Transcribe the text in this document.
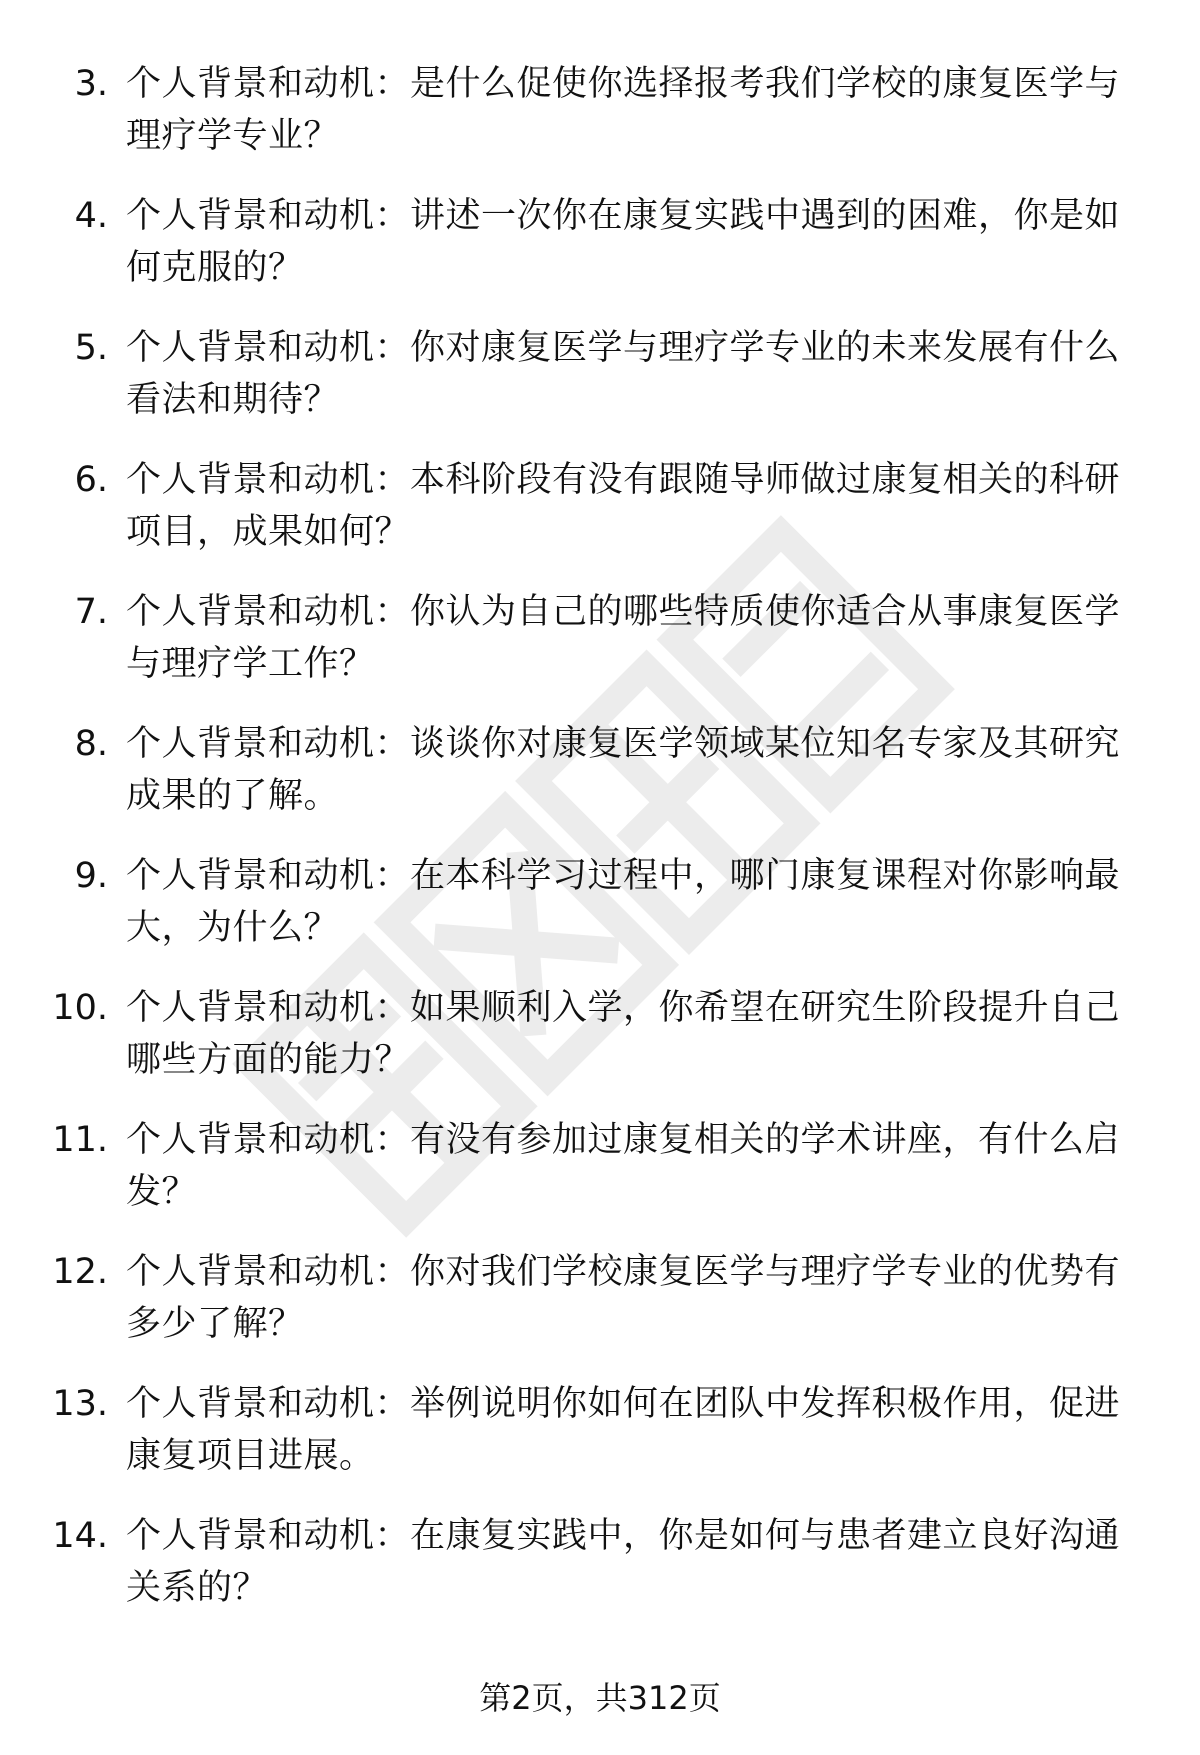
3. 个人背景和动机：是什么促使你选择报考我们学校的康复医学与理疗学专业？
4. 个人背景和动机：讲述一次你在康复实践中遇到的困难，你是如何克服的？
5. 个人背景和动机：你对康复医学与理疗学专业的未来发展有什么看法和期待？
6. 个人背景和动机：本科阶段有没有跟随导师做过康复相关的科研项目，成果如何？
7. 个人背景和动机：你认为自己的哪些特质使你适合从事康复医学与理疗学工作？
8. 个人背景和动机：谈谈你对康复医学领域某位知名专家及其研究成果的了解。
9. 个人背景和动机：在本科学习过程中，哪门康复课程对你影响最大，为什么？
10. 个人背景和动机：如果顺利入学，你希望在研究生阶段提升自己哪些方面的能力？
11. 个人背景和动机：有没有参加过康复相关的学术讲座，有什么启发？
12. 个人背景和动机：你对我们学校康复医学与理疗学专业的优势有多少了解？
13. 个人背景和动机：举例说明你如何在团队中发挥积极作用，促进康复项目进展。
14. 个人背景和动机：在康复实践中，你是如何与患者建立良好沟通关系的？
第2页，共312页
